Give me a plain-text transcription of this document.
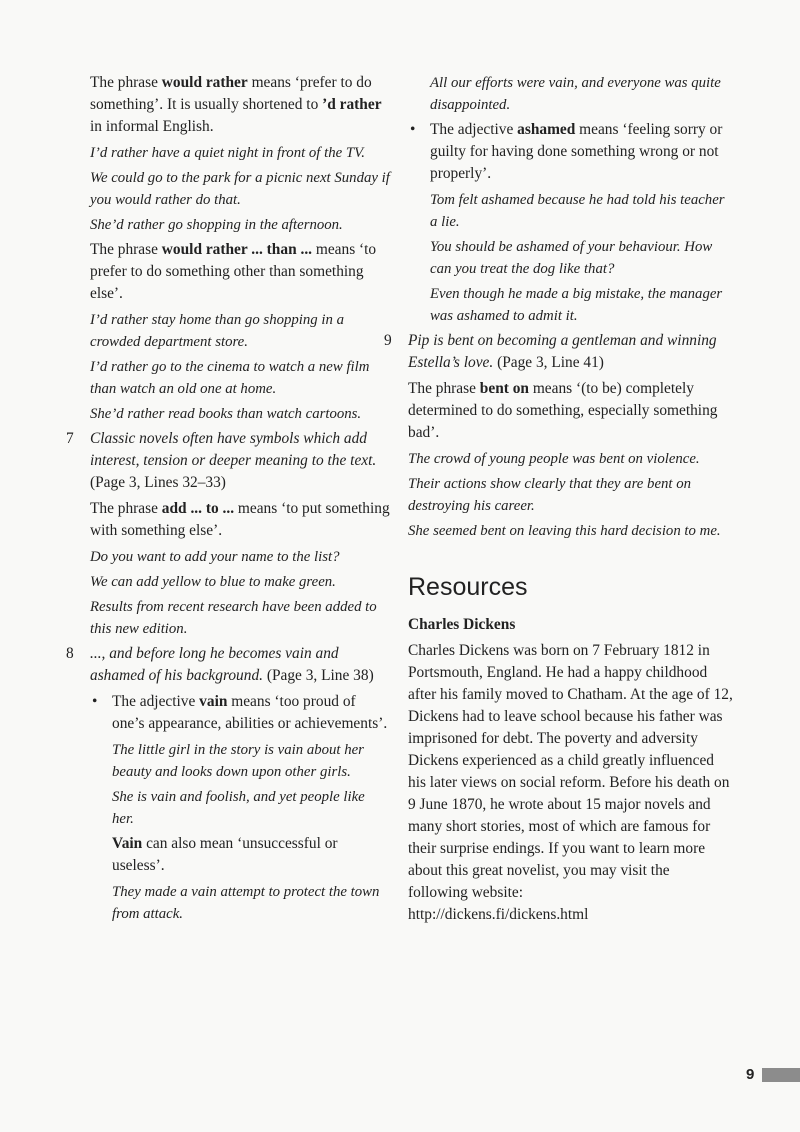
The phrase would rather means ‘prefer to do something’. It is usually shortened to ’d rather in informal English.

I’d rather have a quiet night in front of the TV.

We could go to the park for a picnic next Sunday if you would rather do that.

She’d rather go shopping in the afternoon.

The phrase would rather ... than ... means ‘to prefer to do something other than something else’.

I’d rather stay home than go shopping in a crowded department store.

I’d rather go to the cinema to watch a new film than watch an old one at home.

She’d rather read books than watch cartoons.

7 Classic novels often have symbols which add interest, tension or deeper meaning to the text. (Page 3, Lines 32–33)

The phrase add ... to ... means ‘to put something with something else’.

Do you want to add your name to the list?

We can add yellow to blue to make green.

Results from recent research have been added to this new edition.

8 ..., and before long he becomes vain and ashamed of his background. (Page 3, Line 38)

• The adjective vain means ‘too proud of one’s appearance, abilities or achievements’.

The little girl in the story is vain about her beauty and looks down upon other girls.

She is vain and foolish, and yet people like her.

Vain can also mean ‘unsuccessful or useless’.

They made a vain attempt to protect the town from attack.

All our efforts were vain, and everyone was quite disappointed.

• The adjective ashamed means ‘feeling sorry or guilty for having done something wrong or not properly’.

Tom felt ashamed because he had told his teacher a lie.

You should be ashamed of your behaviour. How can you treat the dog like that?

Even though he made a big mistake, the manager was ashamed to admit it.

9 Pip is bent on becoming a gentleman and winning Estella’s love. (Page 3, Line 41)

The phrase bent on means ‘(to be) completely determined to do something, especially something bad’.

The crowd of young people was bent on violence.

Their actions show clearly that they are bent on destroying his career.

She seemed bent on leaving this hard decision to me.

Resources
Charles Dickens

Charles Dickens was born on 7 February 1812 in Portsmouth, England. He had a happy childhood after his family moved to Chatham. At the age of 12, Dickens had to leave school because his father was imprisoned for debt. The poverty and adversity Dickens experienced as a child greatly influenced his later views on social reform. Before his death on 9 June 1870, he wrote about 15 major novels and many short stories, most of which are famous for their surprise endings. If you want to learn more about this great novelist, you may visit the following website:
http://dickens.fi/dickens.html

9
